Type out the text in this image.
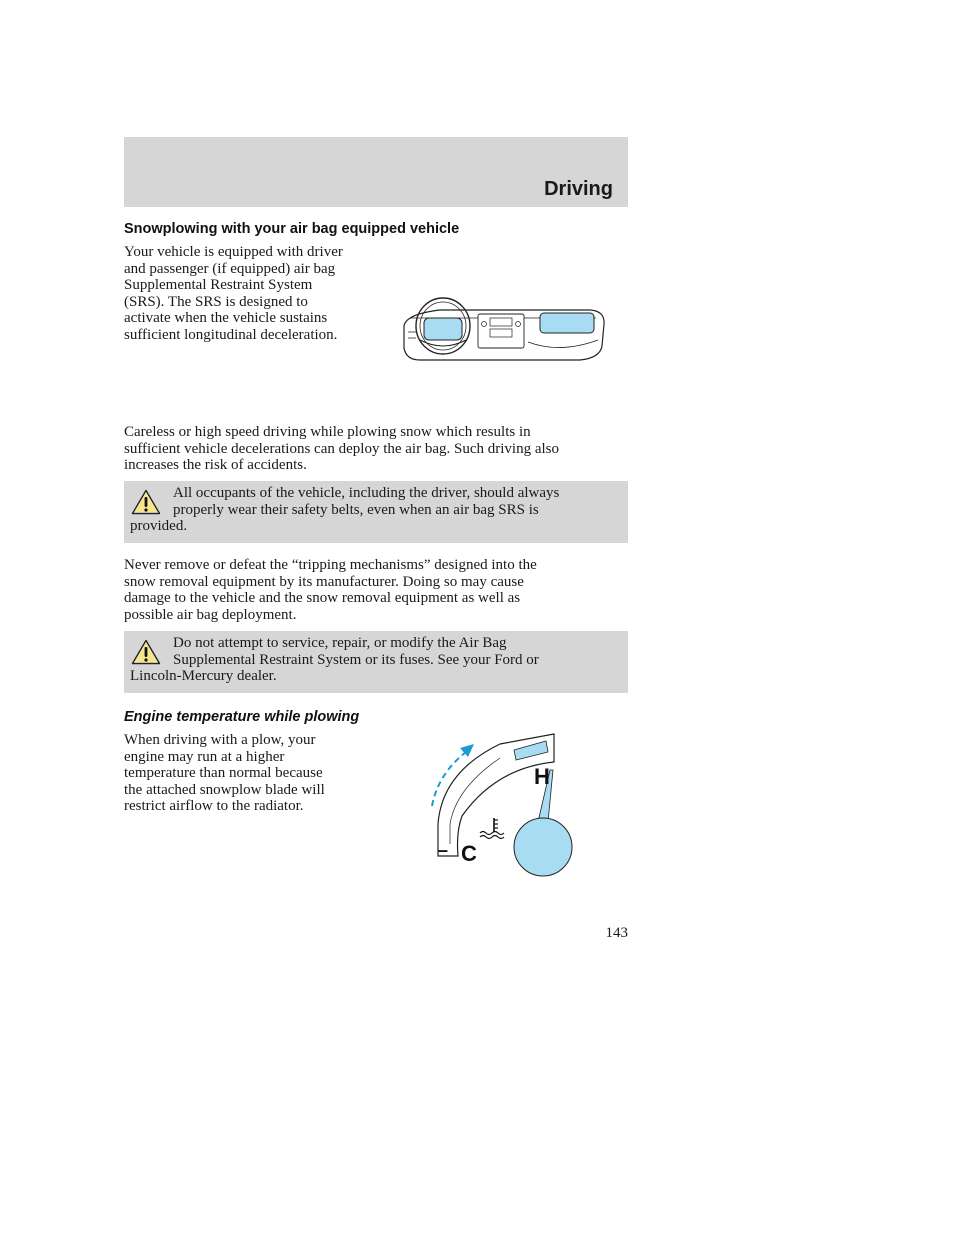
Driving
Snowplowing with your air bag equipped vehicle
Your vehicle is equipped with driver
and passenger (if equipped) air bag
Supplemental Restraint System
(SRS). The SRS is designed to
activate when the vehicle sustains
sufficient longitudinal deceleration.
Careless or high speed driving while plowing snow which results in
sufficient vehicle decelerations can deploy the air bag. Such driving also
increases the risk of accidents.
All occupants of the vehicle, including the driver, should always
properly wear their safety belts, even when an air bag SRS is
provided.
Never remove or defeat the “tripping mechanisms” designed into the
snow removal equipment by its manufacturer. Doing so may cause
damage to the vehicle and the snow removal equipment as well as
possible air bag deployment.
Do not attempt to service, repair, or modify the Air Bag
Supplemental Restraint System or its fuses. See your Ford or
Lincoln-Mercury dealer.
Engine temperature while plowing
When driving with a plow, your
engine may run at a higher
temperature than normal because
the attached snowplow blade will
restrict airflow to the radiator.
H
C
–
143
